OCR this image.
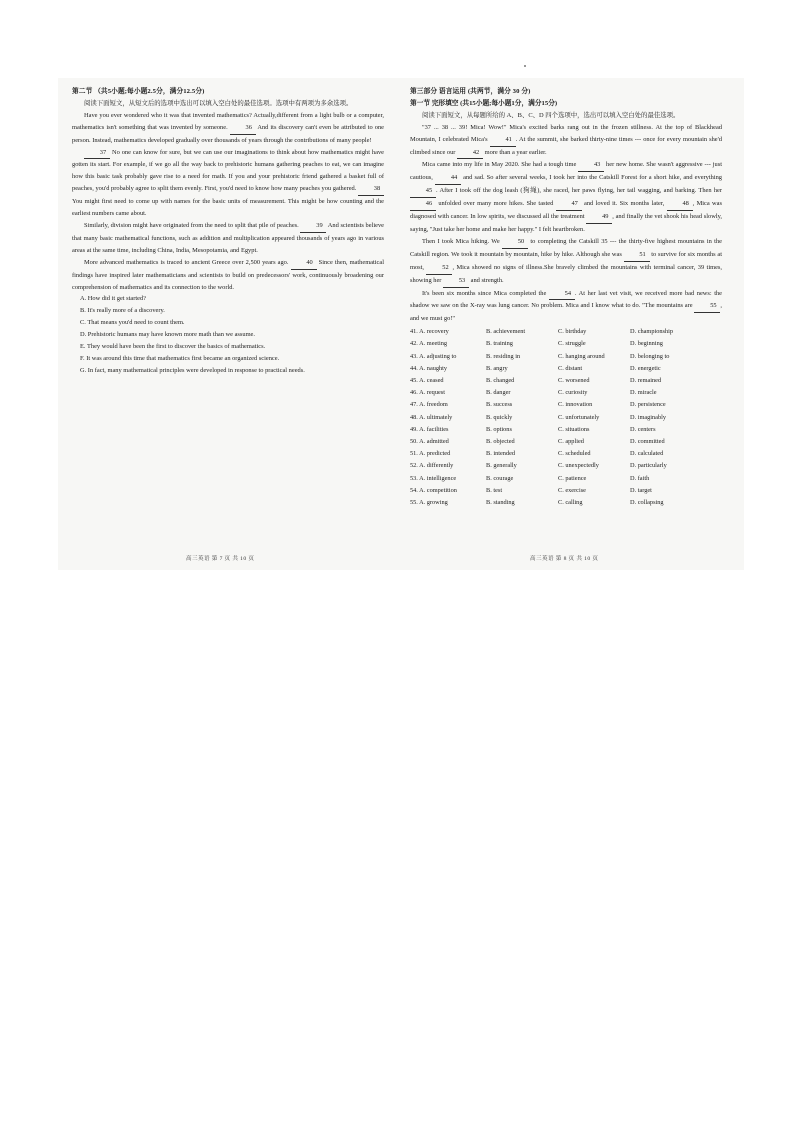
第二节 （共5小题;每小题2.5分，满分12.5分)

阅读下面短文，从短文后的选项中选出可以填入空白处的最佳选项。选项中有两项为多余选项。

Have you ever wondered who it was that invented mathematics? Actually,different from a light bulb or a computer, mathematics isn't something that was invented by someone. 36 And its discovery can't even be attributed to one person. Instead, mathematics developed gradually over thousands of years through the contributions of many people!

37 No one can know for sure, but we can use our imaginations to think about how mathematics might have gotten its start. For example, if we go all the way back to prehistoric humans gathering peaches to eat, we can imagine how this basic task probably gave rise to a need for math. If you and your prehistoric friend gathered a basket full of peaches, you'd probably agree to split them evenly. First, you'd need to know how many peaches you gathered. 38 You might first need to come up with names for the basic units of measurement. This might be how counting and the earliest numbers came about.

Similarly, division might have originated from the need to split that pile of peaches. 39 And scientists believe that many basic mathematical functions, such as addition and multiplication appeared thousands of years ago in various areas at the same time, including China, India, Mesopotamia, and Egypt.

More advanced mathematics is traced to ancient Greece over 2,500 years ago. 40 Since then, mathematical findings have inspired later mathematicians and scientists to build on predecessors' work, continuously broadening our comprehension of mathematics and its connection to the world.

A. How did it get started?

B. It's really more of a discovery.

C. That means you'd need to count them.

D. Prehistoric humans may have known more math than we assume.

E. They would have been the first to discover the basics of mathematics.

F. It was around this time that mathematics first became an organized science.

G. In fact, many mathematical principles were developed in response to practical needs.

第三部分 语言运用 (共两节，满分 30 分)
第一节 完形填空 (共15小题;每小题1分，满分15分)

阅读下面短文，从每题所给的 A、B、C、D 四个选项中，选出可以填入空白处的最佳选项。

"37 ... 38 ... 39! Mica! Wow!" Mica's excited barks rang out in the frozen stillness. At the top of Blackhead Mountain, I celebrated Mica's 41 . At the summit, she barked thirty-nine times --- once for every mountain she'd climbed since our 42 more than a year earlier.

Mica came into my life in May 2020. She had a tough time 43 her new home. She wasn't aggressive --- just cautious, 44 and sad. So after several weeks, I took her into the Catskill Forest for a short hike, and everything 45 . After I took off the dog leash (狗绳), she raced, her paws flying, her tail wagging, and barking. Then her 46 unfolded over many more hikes. She tasted 47 and loved it. Six months later, 48 , Mica was diagnosed with cancer. In low spirits, we discussed all the treatment 49 , and finally the vet shook his head slowly, saying, "Just take her home and make her happy." I felt heartbroken.

Then I took Mica hiking. We 50 to completing the Catskill 35 --- the thirty-five highest mountains in the Catskill region. We took it mountain by mountain, hike by hike. Although she was 51 to survive for six months at most, 52 , Mica showed no signs of illness.She bravely climbed the mountains with terminal cancer, 39 times, showing her 53 and strength.

It's been six months since Mica completed the 54 . At her last vet visit, we received more bad news: the shadow we saw on the X-ray was lung cancer. No problem. Mica and I know what to do. "The mountains are 55 , and we must go!"

41. A. recovery	B. achievement	C. birthday	D. championship
42. A. meeting	B. training	C. struggle	D. beginning
43. A. adjusting to	B. residing in	C. hanging around	D. belonging to
44. A. naughty	B. angry	C. distant	D. energetic
45. A. ceased	B. changed	C. worsened	D. remained
46. A. request	B. danger	C. curiosity	D. miracle
47. A. freedom	B. success	C. innovation	D. persistence
48. A. ultimately	B. quickly	C. unfortunately	D. imaginably
49. A. facilities	B. options	C. situations	D. centers
50. A. admitted	B. objected	C. applied	D. committed
51. A. predicted	B. intended	C. scheduled	D. calculated
52. A. differently	B. generally	C. unexpectedly	D. particularly
53. A. intelligence	B. courage	C. patience	D. faith
54. A. competition	B. test	C. exercise	D. target
55. A. growing	B. standing	C. calling	D. collapsing
高三英语 第 7 页 共 10 页	高三英语 第 8 页 共 10 页
